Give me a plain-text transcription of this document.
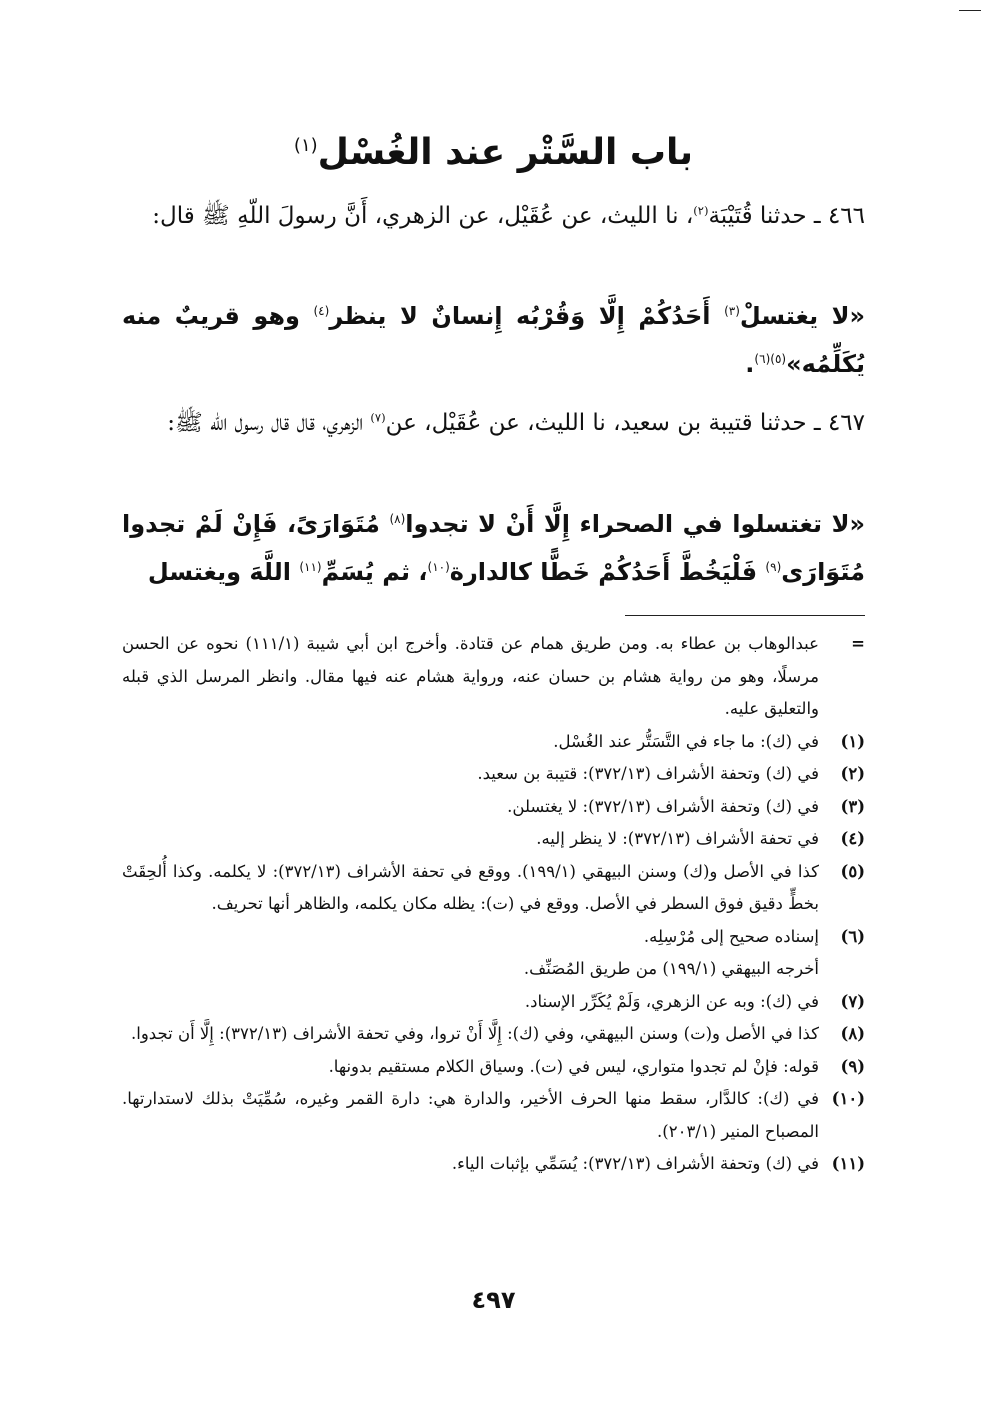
باب السَّتْر عند الغُسْل$^{(١)}$

٤٦٦ ـ حدثنا قُتَيْبَة$^{(٢)}$، نا الليث، عن عُقَيْل، عن الزهري، أَنَّ رسولَ اللّهِ ﷺ قال:

«لا يغتسلْ$^{(٣)}$ أَحَدُكُمْ إِلَّا وَقُرْبُه إِنسانٌ لا ينظر$^{(٤)}$ وهو قريبٌ منه يُكَلِّمُه»$^{(٥)(٦)}$.

٤٦٧ ـ حدثنا قتيبة بن سعيد، نا الليث، عن عُقَيْل، عن$^{(٧)}$ الزهري، قال قال رسول الله ﷺ:

«لا تغتسلوا في الصحراء إِلَّا أَنْ لا تجدوا$^{(٨)}$ مُتَوَارَىً، فَإِنْ لَمْ تجدوا مُتَوَارَى$^{(٩)}$ فَلْيَخُطَّ أَحَدُكُمْ خَطًّا كالدارة$^{(١٠)}$، ثم يُسَمِّ$^{(١١)}$ اللَّهَ ويغتسل

=

عبدالوهاب بن عطاء به. ومن طريق همام عن قتادة. وأخرج ابن أبي شيبة (١١١/١) نحوه عن الحسن مرسلًا، وهو من رواية هشام بن حسان عنه، ورواية هشام عنه فيها مقال. وانظر المرسل الذي قبله والتعليق عليه.

(١)

في (ك): ما جاء في التَّسَتُّر عند الغُسْل.

(٢)

في (ك) وتحفة الأشراف (٣٧٢/١٣): قتيبة بن سعيد.

(٣)

في (ك) وتحفة الأشراف (٣٧٢/١٣): لا يغتسلن.

(٤)

في تحفة الأشراف (٣٧٢/١٣): لا ينظر إليه.

(٥)

كذا في الأصل و(ك) وسنن البيهقي (١٩٩/١). ووقع في تحفة الأشراف (٣٧٢/١٣): لا يكلمه. وكذا أُلحِقَتْ بخطٍّ دقيق فوق السطر في الأصل. ووقع في (ت): يظله مكان يكلمه، والظاهر أنها تحريف.

(٦)
إسناده صحيح إلى مُرْسِلِه.
أخرجه البيهقي (١٩٩/١) من طريق المُصَنِّف.
(٧)

في (ك): وبه عن الزهري، وَلَمْ يُكَرِّر الإسناد.

(٨)

كذا في الأصل و(ت) وسنن البيهقي، وفي (ك): إِلَّا أَنْ تروا، وفي تحفة الأشراف (٣٧٢/١٣): إِلَّا أَن تجدوا.

(٩)

قوله: فإنْ لم تجدوا متواري، ليس في (ت). وسياق الكلام مستقيم بدونها.

(١٠)

في (ك): كالدَّار، سقط منها الحرف الأخير، والدارة هي: دارة القمر وغيره، سُمِّيَتْ بذلك لاستدارتها. المصباح المنير (٢٠٣/١).

(١١)

في (ك) وتحفة الأشراف (٣٧٢/١٣): يُسَمِّي بإثبات الياء.

٤٩٧
